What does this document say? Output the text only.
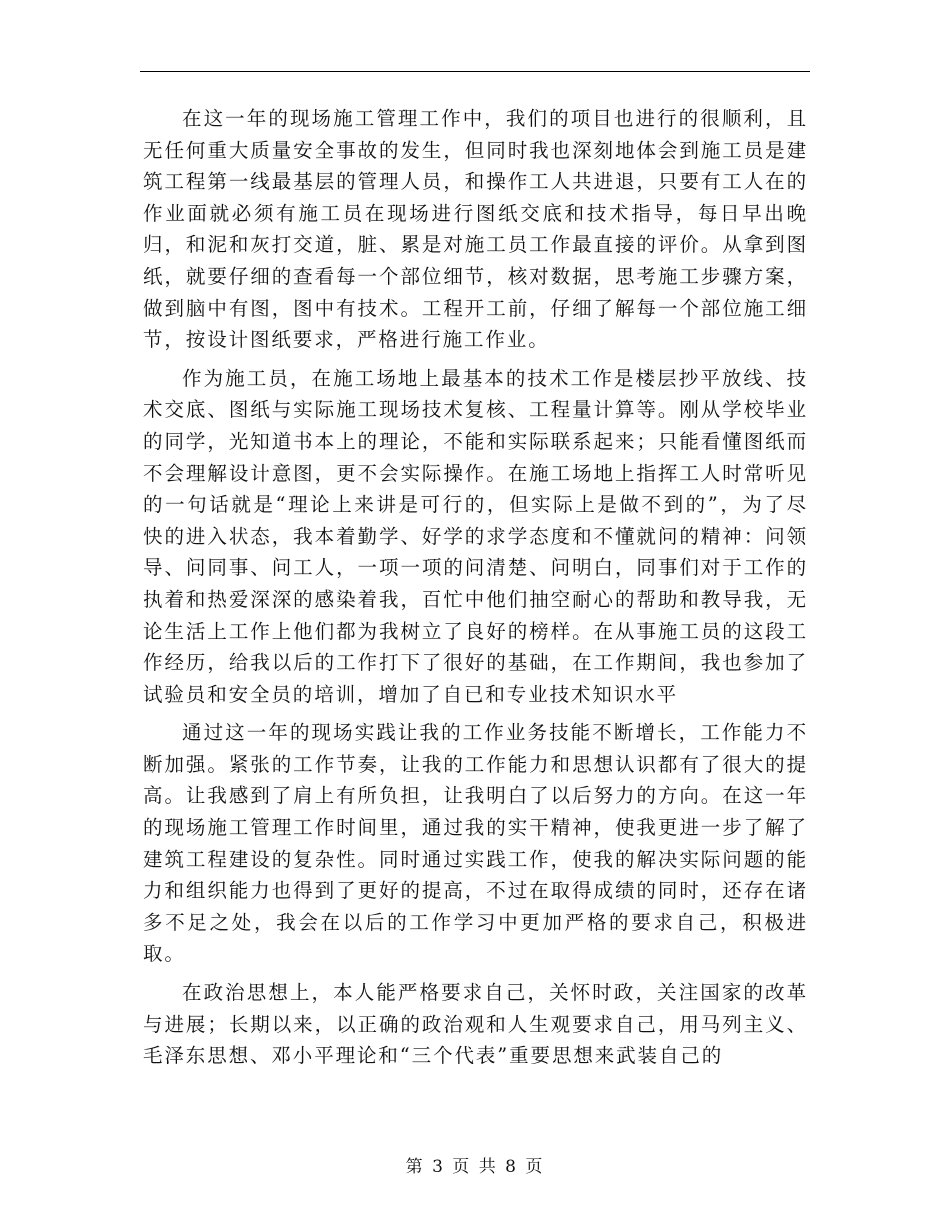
在这一年的现场施工管理工作中，我们的项目也进行的很顺利，且无任何重大质量安全事故的发生，但同时我也深刻地体会到施工员是建筑工程第一线最基层的管理人员，和操作工人共进退，只要有工人在的作业面就必须有施工员在现场进行图纸交底和技术指导，每日早出晚归，和泥和灰打交道，脏、累是对施工员工作最直接的评价。从拿到图纸，就要仔细的查看每一个部位细节，核对数据，思考施工步骤方案，做到脑中有图，图中有技术。工程开工前，仔细了解每一个部位施工细节，按设计图纸要求，严格进行施工作业。

作为施工员，在施工场地上最基本的技术工作是楼层抄平放线、技术交底、图纸与实际施工现场技术复核、工程量计算等。刚从学校毕业的同学，光知道书本上的理论，不能和实际联系起来；只能看懂图纸而不会理解设计意图，更不会实际操作。在施工场地上指挥工人时常听见的一句话就是“理论上来讲是可行的，但实际上是做不到的”，为了尽快的进入状态，我本着勤学、好学的求学态度和不懂就问的精神：问领导、问同事、问工人，一项一项的问清楚、问明白，同事们对于工作的执着和热爱深深的感染着我，百忙中他们抽空耐心的帮助和教导我，无论生活上工作上他们都为我树立了良好的榜样。在从事施工员的这段工作经历，给我以后的工作打下了很好的基础，在工作期间，我也参加了试验员和安全员的培训，增加了自已和专业技术知识水平

通过这一年的现场实践让我的工作业务技能不断增长，工作能力不断加强。紧张的工作节奏，让我的工作能力和思想认识都有了很大的提高。让我感到了肩上有所负担，让我明白了以后努力的方向。在这一年的现场施工管理工作时间里，通过我的实干精神，使我更进一步了解了建筑工程建设的复杂性。同时通过实践工作，使我的解决实际问题的能力和组织能力也得到了更好的提高，不过在取得成绩的同时，还存在诸多不足之处，我会在以后的工作学习中更加严格的要求自己，积极进取。

在政治思想上，本人能严格要求自己，关怀时政，关注国家的改革与进展；长期以来，以正确的政治观和人生观要求自己，用马列主义、毛泽东思想、邓小平理论和“三个代表”重要思想来武装自己的

第 3 页 共 8 页
